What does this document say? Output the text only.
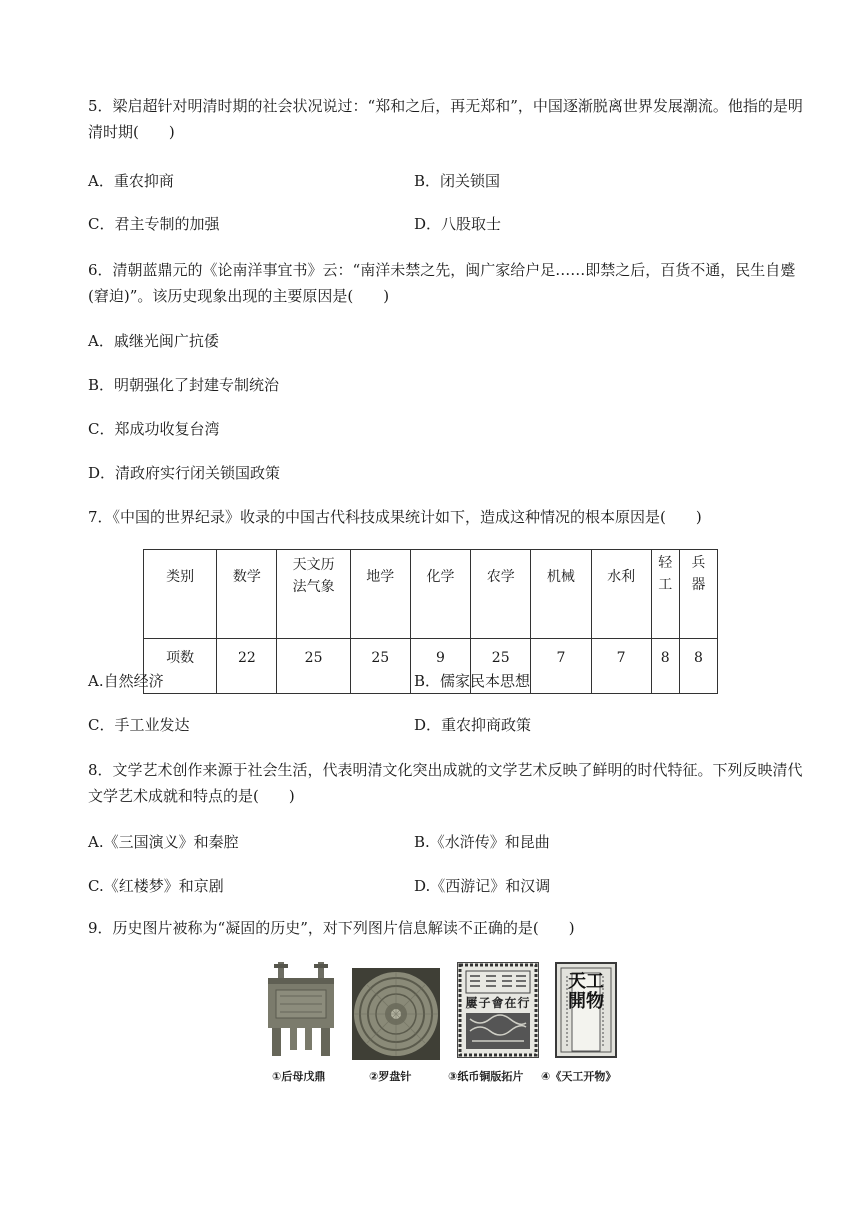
5．梁启超针对明清时期的社会状况说过：“郑和之后，再无郑和”，中国逐渐脱离世界发展潮流。他指的是明清时期(　　)
A．重农抑商	B．闭关锁国
C．君主专制的加强	D．八股取士
6．清朝蓝鼎元的《论南洋事宜书》云：“南洋未禁之先，闽广家给户足……即禁之后，百货不通，民生自蹙(窘迫)”。该历史现象出现的主要原因是(　　)
A．戚继光闽广抗倭
B．明朝强化了封建专制统治
C．郑成功收复台湾
D．清政府实行闭关锁国政策
7．《中国的世界纪录》收录的中国古代科技成果统计如下，造成这种情况的根本原因是(　　)
类别	数学	天文历法气象	地学	化学	农学	机械	水利	轻工	兵器
项数	22	25	25	9	25	7	7	8	8
A.自然经济	B．儒家民本思想
C．手工业发达	D．重农抑商政策
8．文学艺术创作来源于社会生活，代表明清文化突出成就的文学艺术反映了鲜明的时代特征。下列反映清代文学艺术成就和特点的是(　　)
A.《三国演义》和秦腔	B.《水浒传》和昆曲
C.《红楼梦》和京剧	D.《西游记》和汉调
9．历史图片被称为“凝固的历史”，对下列图片信息解读不正确的是(　　)
①后母戊鼎	②罗盘针
屢子會在行
③纸币铜版拓片
天工開物
④《天工开物》
